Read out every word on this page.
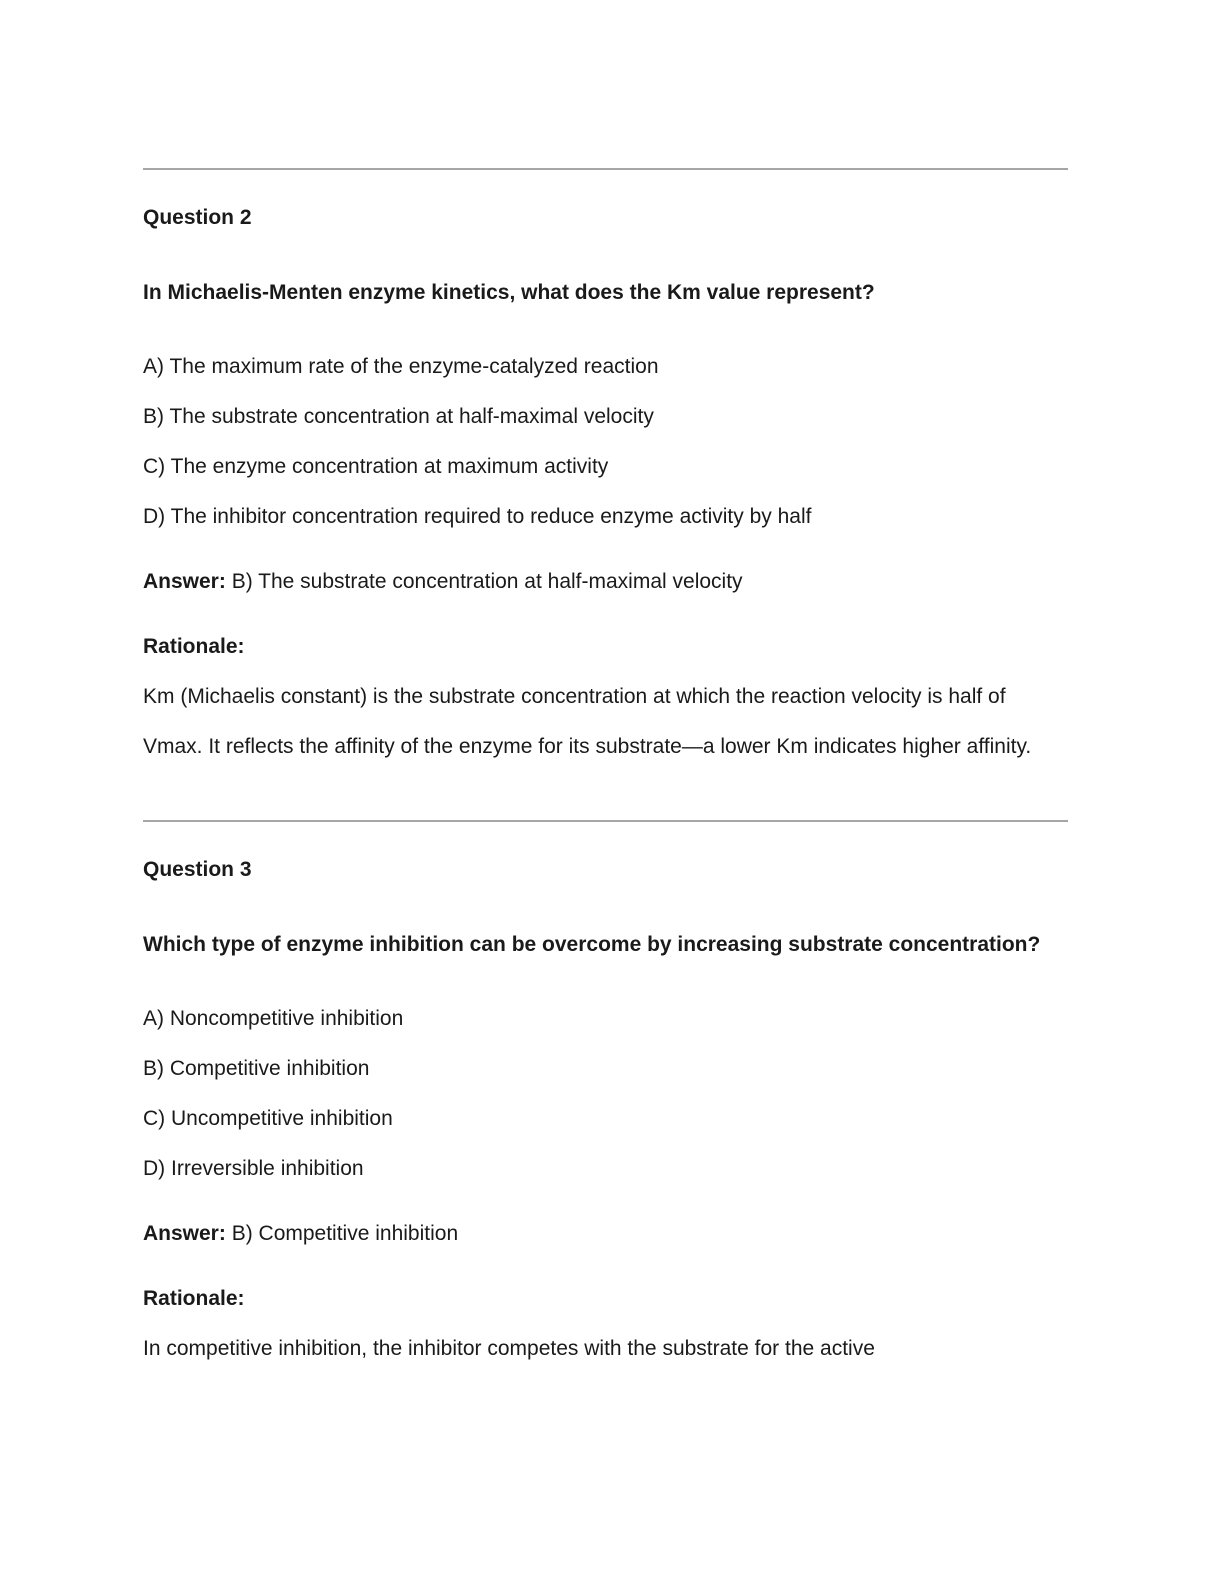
Question 2

In Michaelis-Menten enzyme kinetics, what does the Km value represent?

A) The maximum rate of the enzyme-catalyzed reaction

B) The substrate concentration at half-maximal velocity

C) The enzyme concentration at maximum activity

D) The inhibitor concentration required to reduce enzyme activity by half

Answer: B) The substrate concentration at half-maximal velocity

Rationale:

Km (Michaelis constant) is the substrate concentration at which the reaction velocity is half of Vmax. It reflects the affinity of the enzyme for its substrate—a lower Km indicates higher affinity.

Question 3

Which type of enzyme inhibition can be overcome by increasing substrate concentration?

A) Noncompetitive inhibition

B) Competitive inhibition

C) Uncompetitive inhibition

D) Irreversible inhibition

Answer: B) Competitive inhibition

Rationale:

In competitive inhibition, the inhibitor competes with the substrate for the active
